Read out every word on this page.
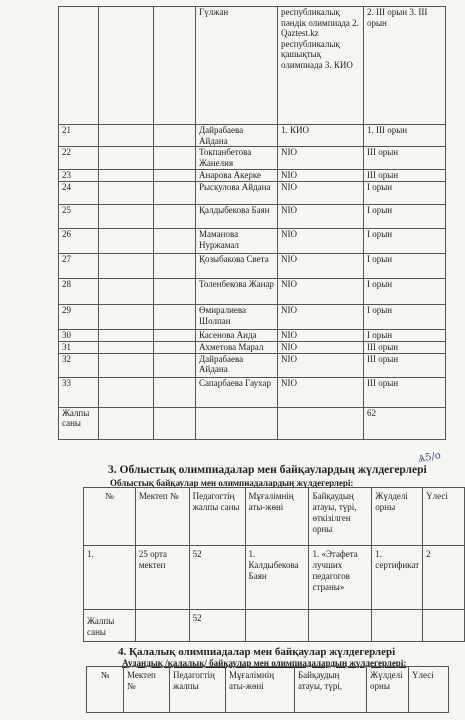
			Гүлжан	республикалық пәндік олимпиада 2. Qaztest.kz республикалық қашықтық олимпиада 3. КИО	2. III орын 3. III орын
21			Дайрабаева Айдана	1. КИО	1. III орын
22			Токпанбетова Жанелия	NIO	III орын
23			Анарова Акерке	NIO	III орын
24			Рыскулова Айдана	NIO	I орын
25			Қалдыбекова Баян	NIO	I орын
26			Маманова Нуржамал	NIO	I орын
27			Қозыбакова Света	NIO	I орын
28			Толенбекова Жанар	NIO	I орын
29			Өмиралиева Шолпан	NIO	I орын
30			Касенова Аида	NIO	I орын
31			Ахметова Марал	NIO	III орын
32			Дайрабаева Айдана	NIO	III орын
33			Сапарбаева Гаухар	NIO	III орын
Жалпы саны					62
Ѧ5/о
3. Облыстық олимпиадалар мен байқаулардың жүлдегерлері
Облыстық байқаулар мен олимпиадалардың жүлдегерлері:
№	Мектеп №	Педагогтің жалпы саны	Мұғалімнің аты-жөні	Байқаудың атауы, түрі, өткізілген орны	Жүлделі орны	Үлесі
1.	25 орта мектеп	52	1. Калдыбекова Баян	1. «Этафета лучших педагогов страны»	1. сертификат	2
Жалпы саны		52				
4. Қалалық олимпиадалар мен байқаулар жүлдегерлері
Аудандық /қалалық/ байқаулар мен олимпиадалардың жүлдегерлері:
№	Мектеп №	Педагогтің жалпы	Мұғалімнің аты-жөні	Байқаудың атауы, түрі,	Жүлделі орны	Үлесі
